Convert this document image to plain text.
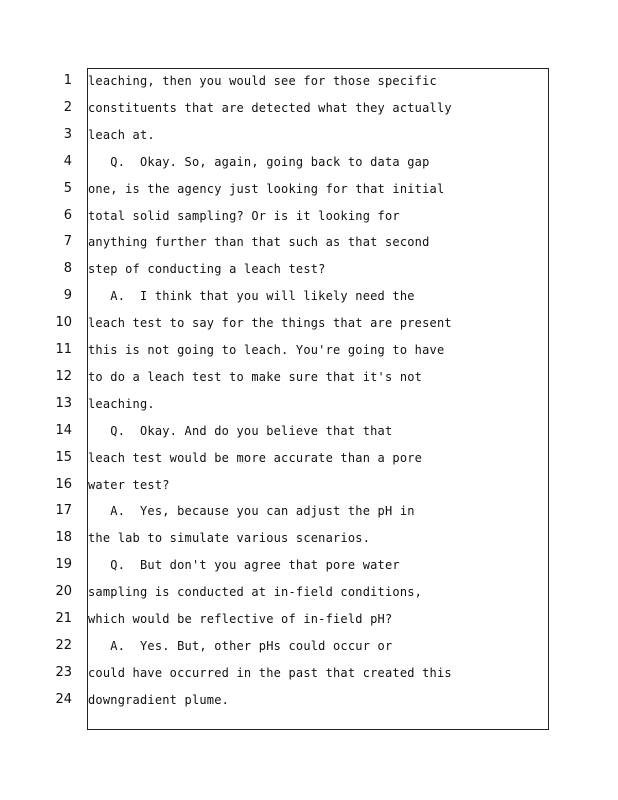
1 leaching, then you would see for those specific
2 constituents that are detected what they actually
3 leach at.
4 Q.  Okay. So, again, going back to data gap
5 one, is the agency just looking for that initial
6 total solid sampling? Or is it looking for
7 anything further than that such as that second
8 step of conducting a leach test?
9 A.  I think that you will likely need the
10 leach test to say for the things that are present
11 this is not going to leach. You're going to have
12 to do a leach test to make sure that it's not
13 leaching.
14 Q.  Okay. And do you believe that that
15 leach test would be more accurate than a pore
16 water test?
17 A.  Yes, because you can adjust the pH in
18 the lab to simulate various scenarios.
19 Q.  But don't you agree that pore water
20 sampling is conducted at in-field conditions,
21 which would be reflective of in-field pH?
22 A.  Yes. But, other pHs could occur or
23 could have occurred in the past that created this
24 downgradient plume.
